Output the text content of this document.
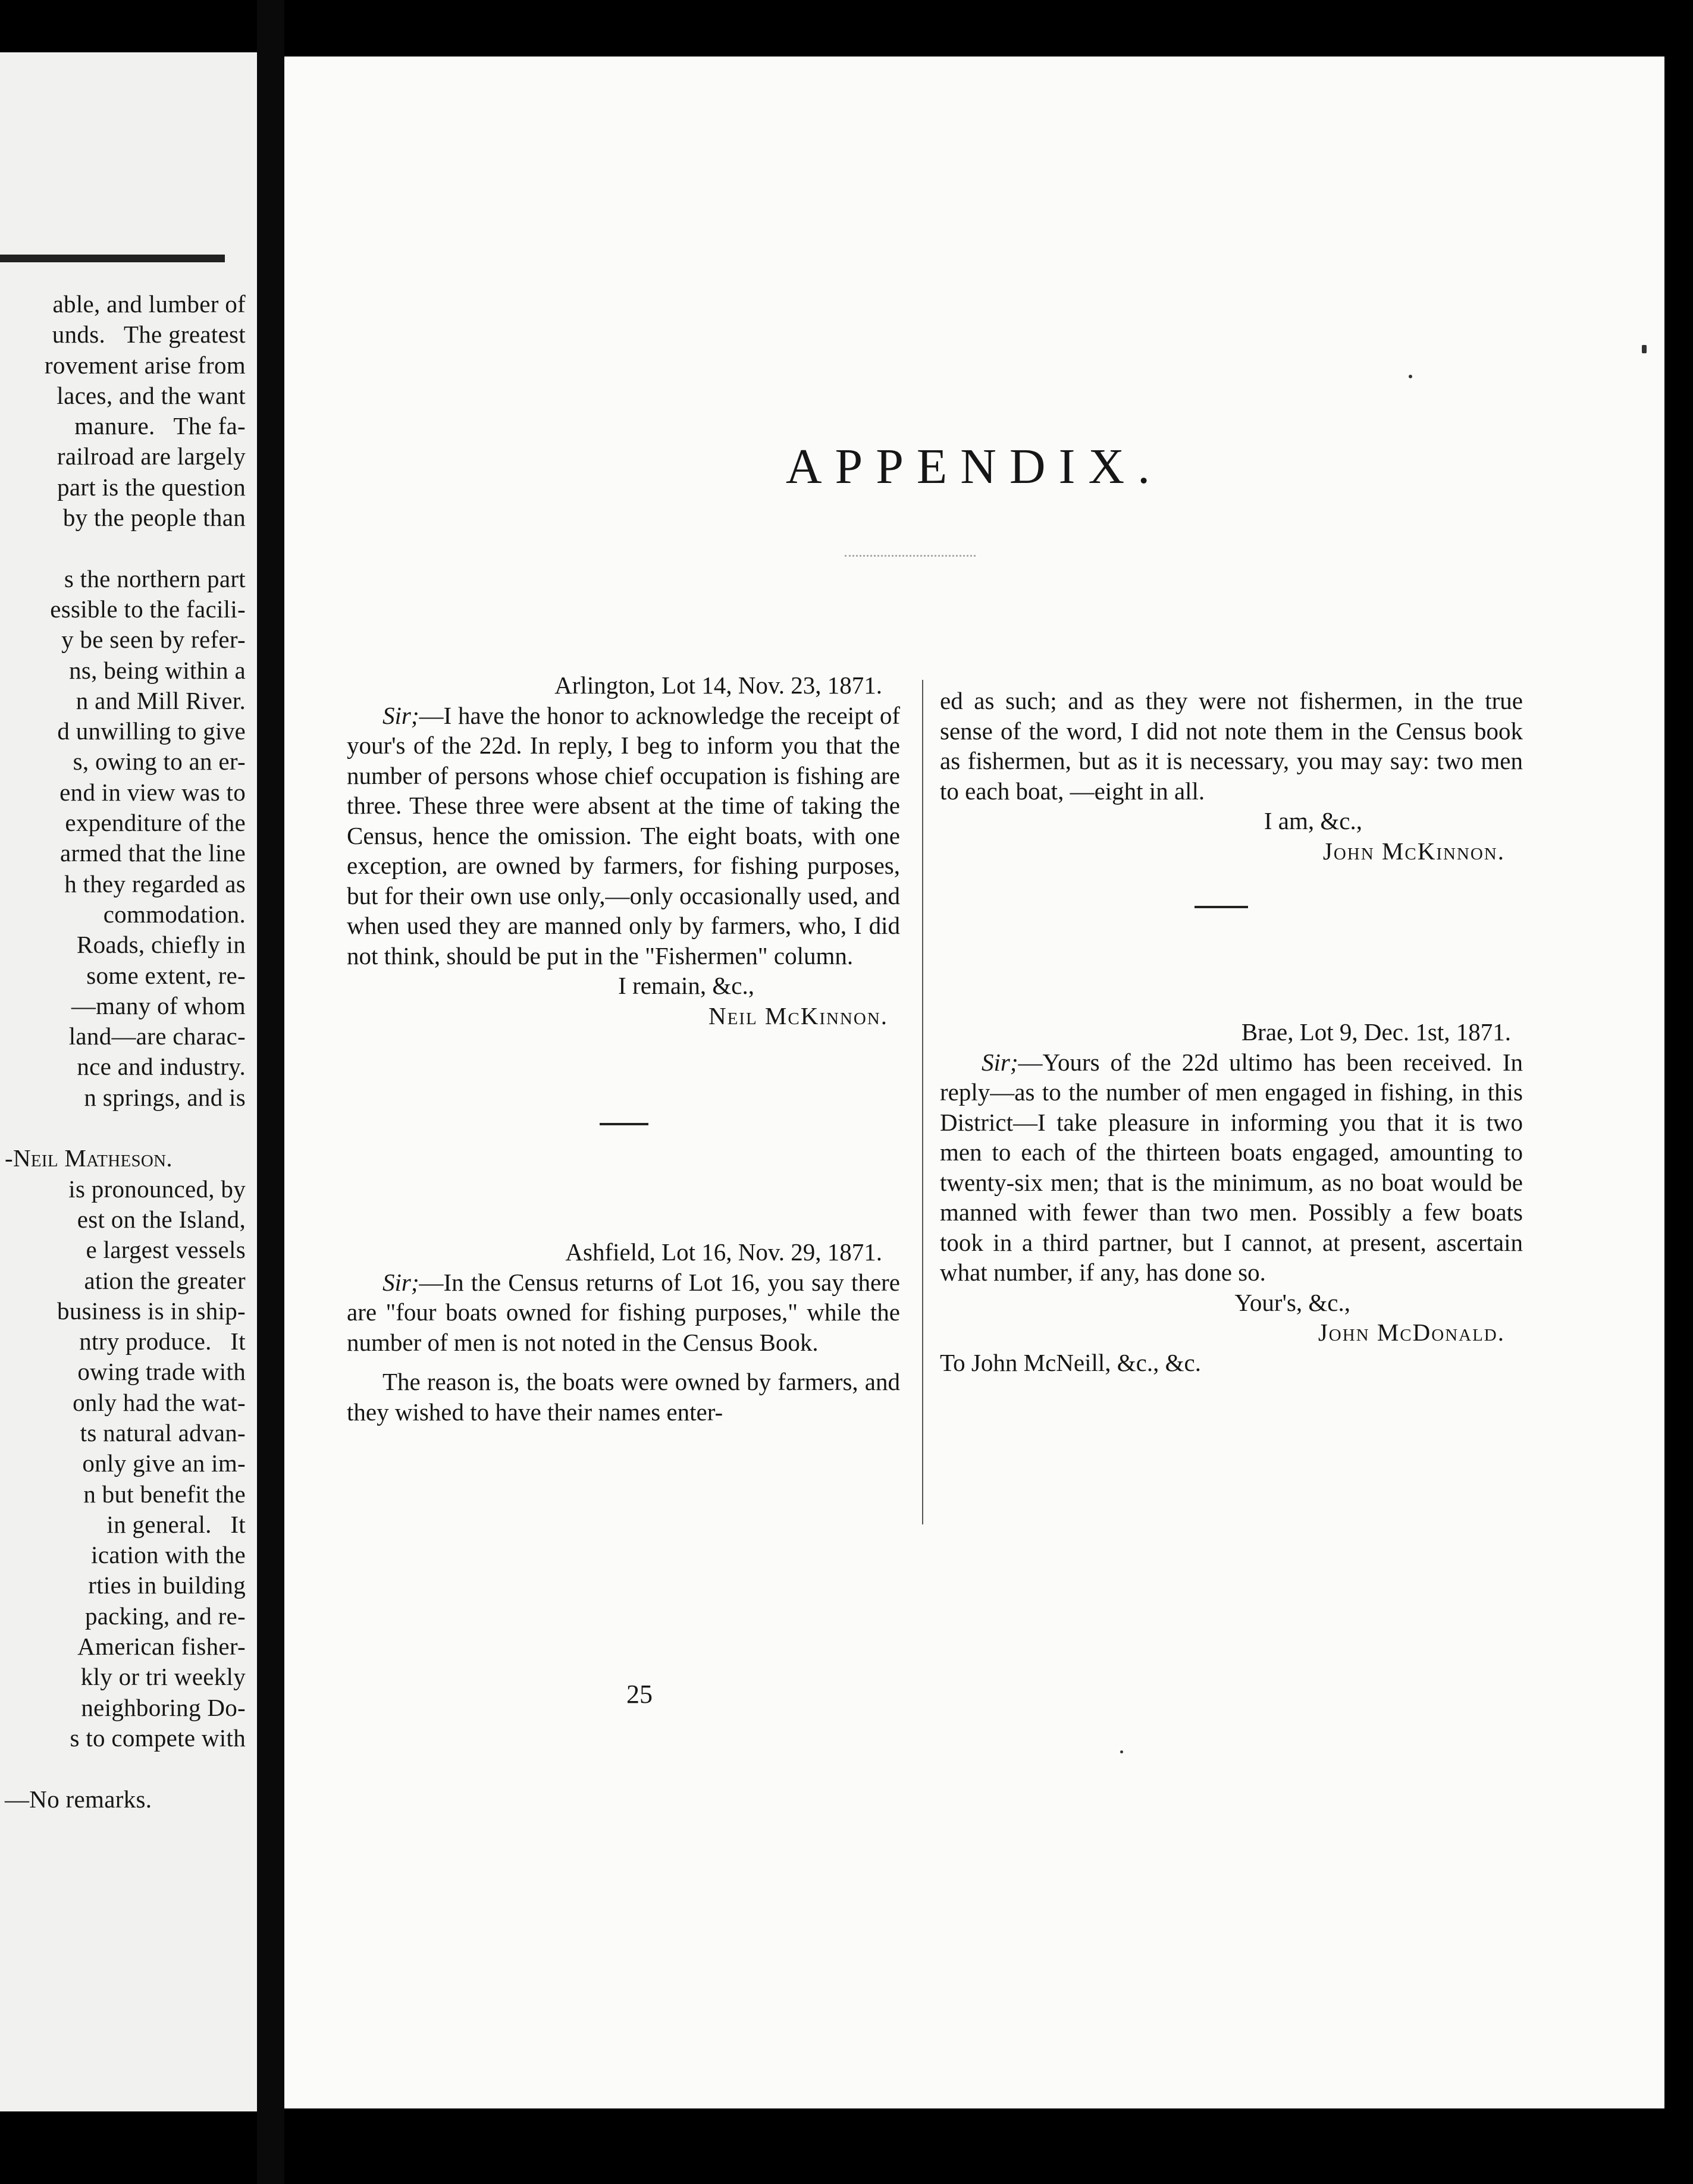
able, and lumber of
unds.   The greatest
rovement arise from
laces, and the want
manure.   The fa-
railroad are largely
part is the question
by the people than

s the northern part
essible to the facili-
y be seen by refer-
ns, being within a
n and Mill River.
d unwilling to give
s, owing to an er-
end in view was to
expenditure of the
armed that the line
h they regarded as
commodation.
Roads, chiefly in
some extent, re-
—many of whom
land—are charac-
nce and industry.
n springs, and is

-Neil Matheson.
is pronounced, by
est on the Island,
e largest vessels
ation the greater
business is in ship-
ntry produce.   It
owing trade with
only had the wat-
ts natural advan-
only give an im-
n but benefit the
in general.   It
ication with the
rties in building
packing, and re-
American fisher-
kly or tri weekly
neighboring Do-
s to compete with

—No remarks.
APPENDIX.

Arlington, Lot 14, Nov. 23, 1871.

Sir;—I have the honor to acknowledge the receipt of your's of the 22d. In reply, I beg to inform you that the number of persons whose chief occupation is fishing are three. These three were absent at the time of taking the Census, hence the omission. The eight boats, with one exception, are owned by farmers, for fishing purposes, but for their own use only,—only occasionally used, and when used they are manned only by farmers, who, I did not think, should be put in the "Fishermen" column.

I remain, &c.,

Neil McKinnon.

Ashfield, Lot 16, Nov. 29, 1871.

Sir;—In the Census returns of Lot 16, you say there are "four boats owned for fishing purposes," while the number of men is not noted in the Census Book.

The reason is, the boats were owned by farmers, and they wished to have their names enter-

ed as such; and as they were not fishermen, in the true sense of the word, I did not note them in the Census book as fishermen, but as it is necessary, you may say: two men to each boat, —eight in all.

I am, &c.,

John McKinnon.

Brae, Lot 9, Dec. 1st, 1871.

Sir;—Yours of the 22d ultimo has been received. In reply—as to the number of men engaged in fishing, in this District—I take pleasure in informing you that it is two men to each of the thirteen boats engaged, amounting to twenty-six men; that is the minimum, as no boat would be manned with fewer than two men. Possibly a few boats took in a third partner, but I cannot, at present, ascertain what number, if any, has done so.

Your's, &c.,

John McDonald.

To John McNeill, &c., &c.

25
